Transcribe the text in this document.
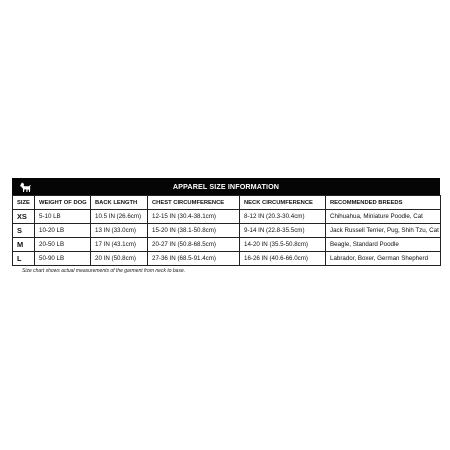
APPAREL SIZE INFORMATION
SIZE	WEIGHT OF DOG	BACK LENGTH	CHEST CIRCUMFERENCE	NECK CIRCUMFERENCE	RECOMMENDED BREEDS
XS	5-10 LB	10.5 IN (26.6cm)	12-15 IN (30.4-38.1cm)	8-12 IN (20.3-30.4cm)	Chihuahua, Miniature Poodle, Cat
S	10-20 LB	13 IN (33.0cm)	15-20 IN (38.1-50.8cm)	9-14 IN (22.8-35.5cm)	Jack Russell Terrier, Pug, Shih Tzu, Cat
M	20-50 LB	17 IN (43.1cm)	20-27 IN (50.8-68.5cm)	14-20 IN (35.5-50.8cm)	Beagle, Standard Poodle
L	50-90 LB	20 IN (50.8cm)	27-36 IN (68.5-91.4cm)	16-26 IN (40.6-66.0cm)	Labrador, Boxer, German Shepherd
Size chart shows actual measurements of the garment from neck to base.
